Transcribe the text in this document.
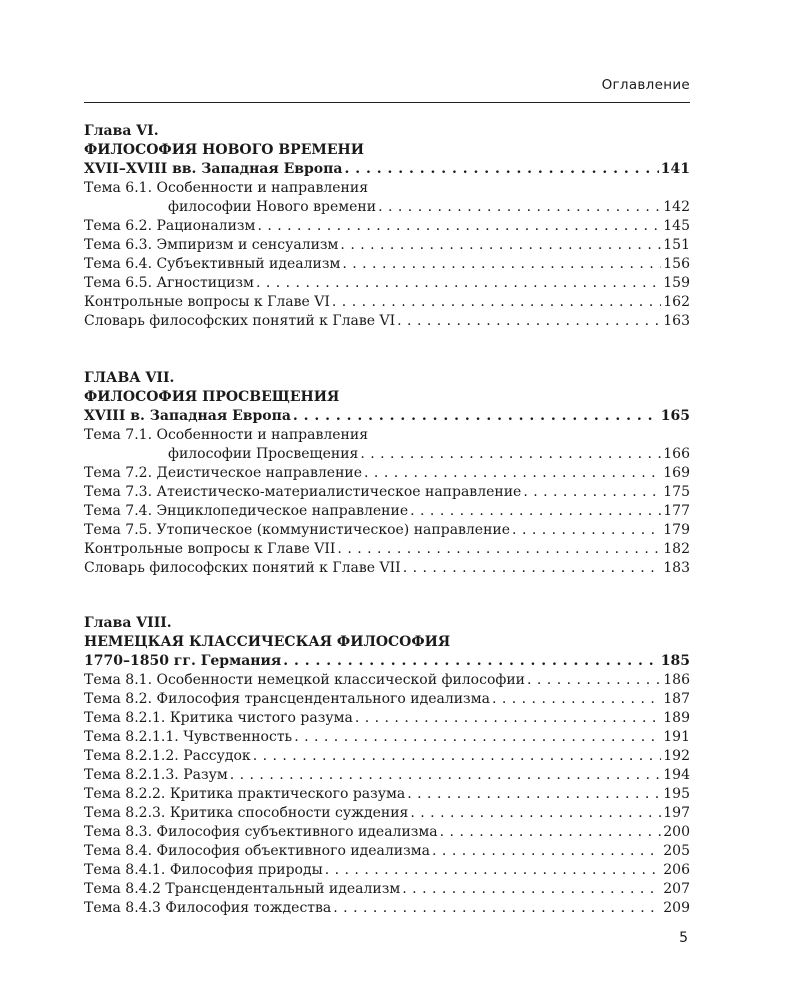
Оглавление
Глава VI.
ФИЛОСОФИЯ НОВОГО ВРЕМЕНИ
XVII–XVIII вв. Западная Европа . . .	141
Тема 6.1. Особенности и направления
философии Нового времени . . .	142
Тема 6.2. Рационализм . . .	145
Тема 6.3. Эмпиризм и сенсуализм . . .	151
Тема 6.4. Субъективный идеализм . . .	156
Тема 6.5. Агностицизм . . .	159
Контрольные вопросы к Главе VI . . .	162
Словарь философских понятий к Главе VI . . .	163
ГЛАВА VII.
ФИЛОСОФИЯ ПРОСВЕЩЕНИЯ
XVIII в. Западная Европа . . .	165
Тема 7.1. Особенности и направления
философии Просвещения . . .	166
Тема 7.2. Деистическое направление . . .	169
Тема 7.3. Атеистическо-материалистическое направление . . .	175
Тема 7.4. Энциклопедическое направление . . .	177
Тема 7.5. Утопическое (коммунистическое) направление . . .	179
Контрольные вопросы к Главе VII . . .	182
Словарь философских понятий к Главе VII . . .	183
Глава VIII.
НЕМЕЦКАЯ КЛАССИЧЕСКАЯ ФИЛОСОФИЯ
1770–1850 гг. Германия . . .	185
Тема 8.1. Особенности немецкой классической философии . . .	186
Тема 8.2. Философия трансцендентального идеализма . . .	187
Тема 8.2.1. Критика чистого разума . . .	189
Тема 8.2.1.1. Чувственность . . .	191
Тема 8.2.1.2. Рассудок . . .	192
Тема 8.2.1.3. Разум . . .	194
Тема 8.2.2. Критика практического разума . . .	195
Тема 8.2.3. Критика способности суждения . . .	197
Тема 8.3. Философия субъективного идеализма . . .	200
Тема 8.4. Философия объективного идеализма . . .	205
Тема 8.4.1. Философия природы . . .	206
Тема 8.4.2 Трансцендентальный идеализм . . .	207
Тема 8.4.3 Философия тождества . . .	209
5
